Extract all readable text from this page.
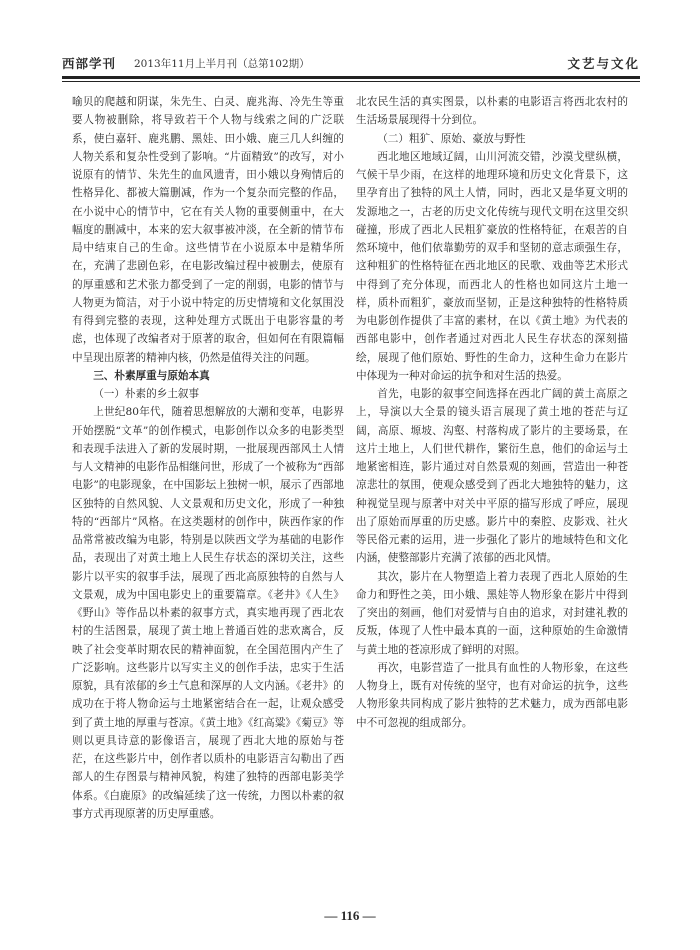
西部学刊 2013年11月上半月刊（总第102期）	文艺与文化

喻贝的爬越和阴谋，朱先生、白灵、鹿兆海、冷先生等重要人物被删除，将导致若干个人物与线索之间的广泛联系，使白嘉轩、鹿兆鹏、黑娃、田小娥、鹿三几人纠缠的人物关系和复杂性受到了影响。“片面精致”的改写，对小说原有的情节、朱先生的血风遗青，田小娥以身殉情后的性格异化、都被大篇删减，作为一个复杂而完整的作品，在小说中心的情节中，它在有关人物的重要侧重中，在大幅度的删减中，本来的宏大叙事被冲淡，在全新的情节布局中结束自己的生命。这些情节在小说原本中是精华所在，充满了悲剧色彩，在电影改编过程中被删去，使原有的厚重感和艺术张力都受到了一定的削弱，电影的情节与人物更为简洁，对于小说中特定的历史情境和文化氛围没有得到完整的表现，这种处理方式既出于电影容量的考虑，也体现了改编者对于原著的取舍，但如何在有限篇幅中呈现出原著的精神内核，仍然是值得关注的问题。

三、朴素厚重与原始本真

（一）朴素的乡土叙事

上世纪80年代，随着思想解放的大潮和变革，电影界开始摆脱“文革”的创作模式，电影创作以众多的电影类型和表现手法进入了新的发展时期，一批展现西部风土人情与人文精神的电影作品相继问世，形成了一个被称为“西部电影”的电影现象，在中国影坛上独树一帜，展示了西部地区独特的自然风貌、人文景观和历史文化，形成了一种独特的“西部片”风格。在这类题材的创作中，陕西作家的作品常常被改编为电影，特别是以陕西文学为基础的电影作品，表现出了对黄土地上人民生存状态的深切关注，这些影片以平实的叙事手法，展现了西北高原独特的自然与人文景观，成为中国电影史上的重要篇章。《老井》《人生》《野山》等作品以朴素的叙事方式，真实地再现了西北农村的生活图景，展现了黄土地上普通百姓的悲欢离合，反映了社会变革时期农民的精神面貌，在全国范围内产生了广泛影响。这些影片以写实主义的创作手法，忠实于生活原貌，具有浓郁的乡土气息和深厚的人文内涵。《老井》的成功在于将人物命运与土地紧密结合在一起，让观众感受到了黄土地的厚重与苍凉。《黄土地》《红高粱》《菊豆》等则以更具诗意的影像语言，展现了西北大地的原始与苍茫，在这些影片中，创作者以质朴的电影语言勾勒出了西部人的生存图景与精神风貌，构建了独特的西部电影美学体系。《白鹿原》的改编延续了这一传统，力图以朴素的叙事方式再现原著的历史厚重感。

北农民生活的真实图景，以朴素的电影语言将西北农村的生活场景展现得十分到位。

（二）粗犷、原始、豪放与野性

西北地区地域辽阔，山川河流交错，沙漠戈壁纵横，气候干旱少雨，在这样的地理环境和历史文化背景下，这里孕育出了独特的风土人情，同时，西北又是华夏文明的发源地之一，古老的历史文化传统与现代文明在这里交织碰撞，形成了西北人民粗犷豪放的性格特征，在艰苦的自然环境中，他们依靠勤劳的双手和坚韧的意志顽强生存，这种粗犷的性格特征在西北地区的民歌、戏曲等艺术形式中得到了充分体现，而西北人的性格也如同这片土地一样，质朴而粗犷，豪放而坚韧，正是这种独特的性格特质为电影创作提供了丰富的素材，在以《黄土地》为代表的西部电影中，创作者通过对西北人民生存状态的深刻描绘，展现了他们原始、野性的生命力，这种生命力在影片中体现为一种对命运的抗争和对生活的热爱。

首先，电影的叙事空间选择在西北广阔的黄土高原之上，导演以大全景的镜头语言展现了黄土地的苍茫与辽阔，高原、塬坡、沟壑、村落构成了影片的主要场景，在这片土地上，人们世代耕作，繁衍生息，他们的命运与土地紧密相连，影片通过对自然景观的刻画，营造出一种苍凉悲壮的氛围，使观众感受到了西北大地独特的魅力，这种视觉呈现与原著中对关中平原的描写形成了呼应，展现出了原始而厚重的历史感。影片中的秦腔、皮影戏、社火等民俗元素的运用，进一步强化了影片的地域特色和文化内涵，使整部影片充满了浓郁的西北风情。

其次，影片在人物塑造上着力表现了西北人原始的生命力和野性之美，田小娥、黑娃等人物形象在影片中得到了突出的刻画，他们对爱情与自由的追求，对封建礼教的反叛，体现了人性中最本真的一面，这种原始的生命激情与黄土地的苍凉形成了鲜明的对照。

再次，电影营造了一批具有血性的人物形象，在这些人物身上，既有对传统的坚守，也有对命运的抗争，这些人物形象共同构成了影片独特的艺术魅力，成为西部电影中不可忽视的组成部分。

— 116 —
